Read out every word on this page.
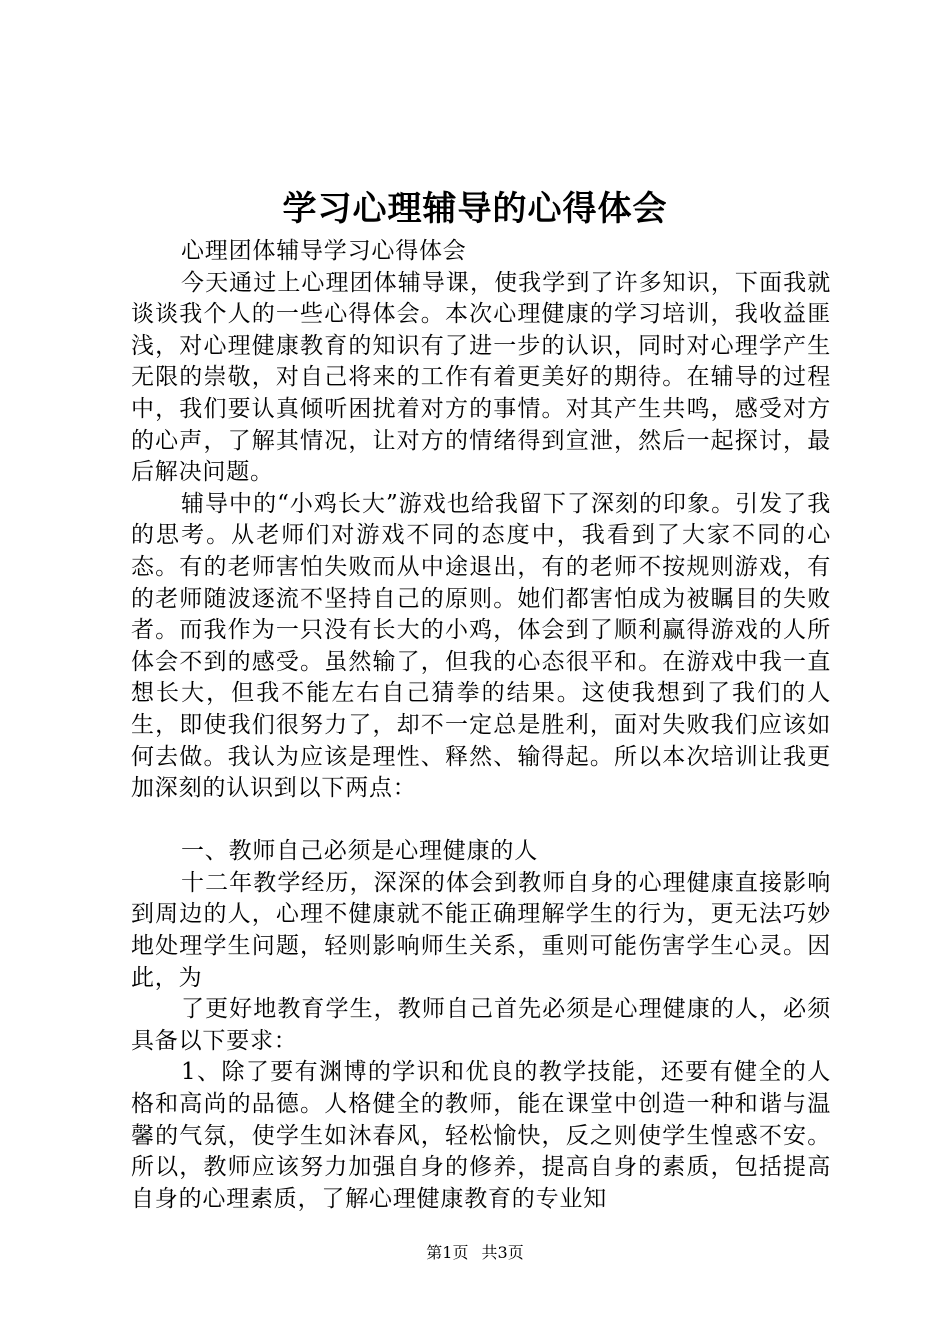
学习心理辅导的心得体会

心理团体辅导学习心得体会

今天通过上心理团体辅导课，使我学到了许多知识，下面我就谈谈我个人的一些心得体会。本次心理健康的学习培训，我收益匪浅，对心理健康教育的知识有了进一步的认识，同时对心理学产生无限的崇敬，对自己将来的工作有着更美好的期待。在辅导的过程中，我们要认真倾听困扰着对方的事情。对其产生共鸣，感受对方的心声，了解其情况，让对方的情绪得到宣泄，然后一起探讨，最后解决问题。

辅导中的“小鸡长大”游戏也给我留下了深刻的印象。引发了我的思考。从老师们对游戏不同的态度中，我看到了大家不同的心态。有的老师害怕失败而从中途退出，有的老师不按规则游戏，有的老师随波逐流不坚持自己的原则。她们都害怕成为被瞩目的失败者。而我作为一只没有长大的小鸡，体会到了顺利赢得游戏的人所体会不到的感受。虽然输了，但我的心态很平和。在游戏中我一直想长大，但我不能左右自己猜拳的结果。这使我想到了我们的人生，即使我们很努力了，却不一定总是胜利，面对失败我们应该如何去做。我认为应该是理性、释然、输得起。所以本次培训让我更加深刻的认识到以下两点：

一、教师自己必须是心理健康的人

十二年教学经历，深深的体会到教师自身的心理健康直接影响到周边的人，心理不健康就不能正确理解学生的行为，更无法巧妙地处理学生问题，轻则影响师生关系，重则可能伤害学生心灵。因此，为

了更好地教育学生，教师自己首先必须是心理健康的人，必须具备以下要求：

1、除了要有渊博的学识和优良的教学技能，还要有健全的人格和高尚的品德。人格健全的教师，能在课堂中创造一种和谐与温馨的气氛，使学生如沐春风，轻松愉快，反之则使学生惶惑不安。所以，教师应该努力加强自身的修养，提高自身的素质，包括提高自身的心理素质，了解心理健康教育的专业知

第1页 共3页
